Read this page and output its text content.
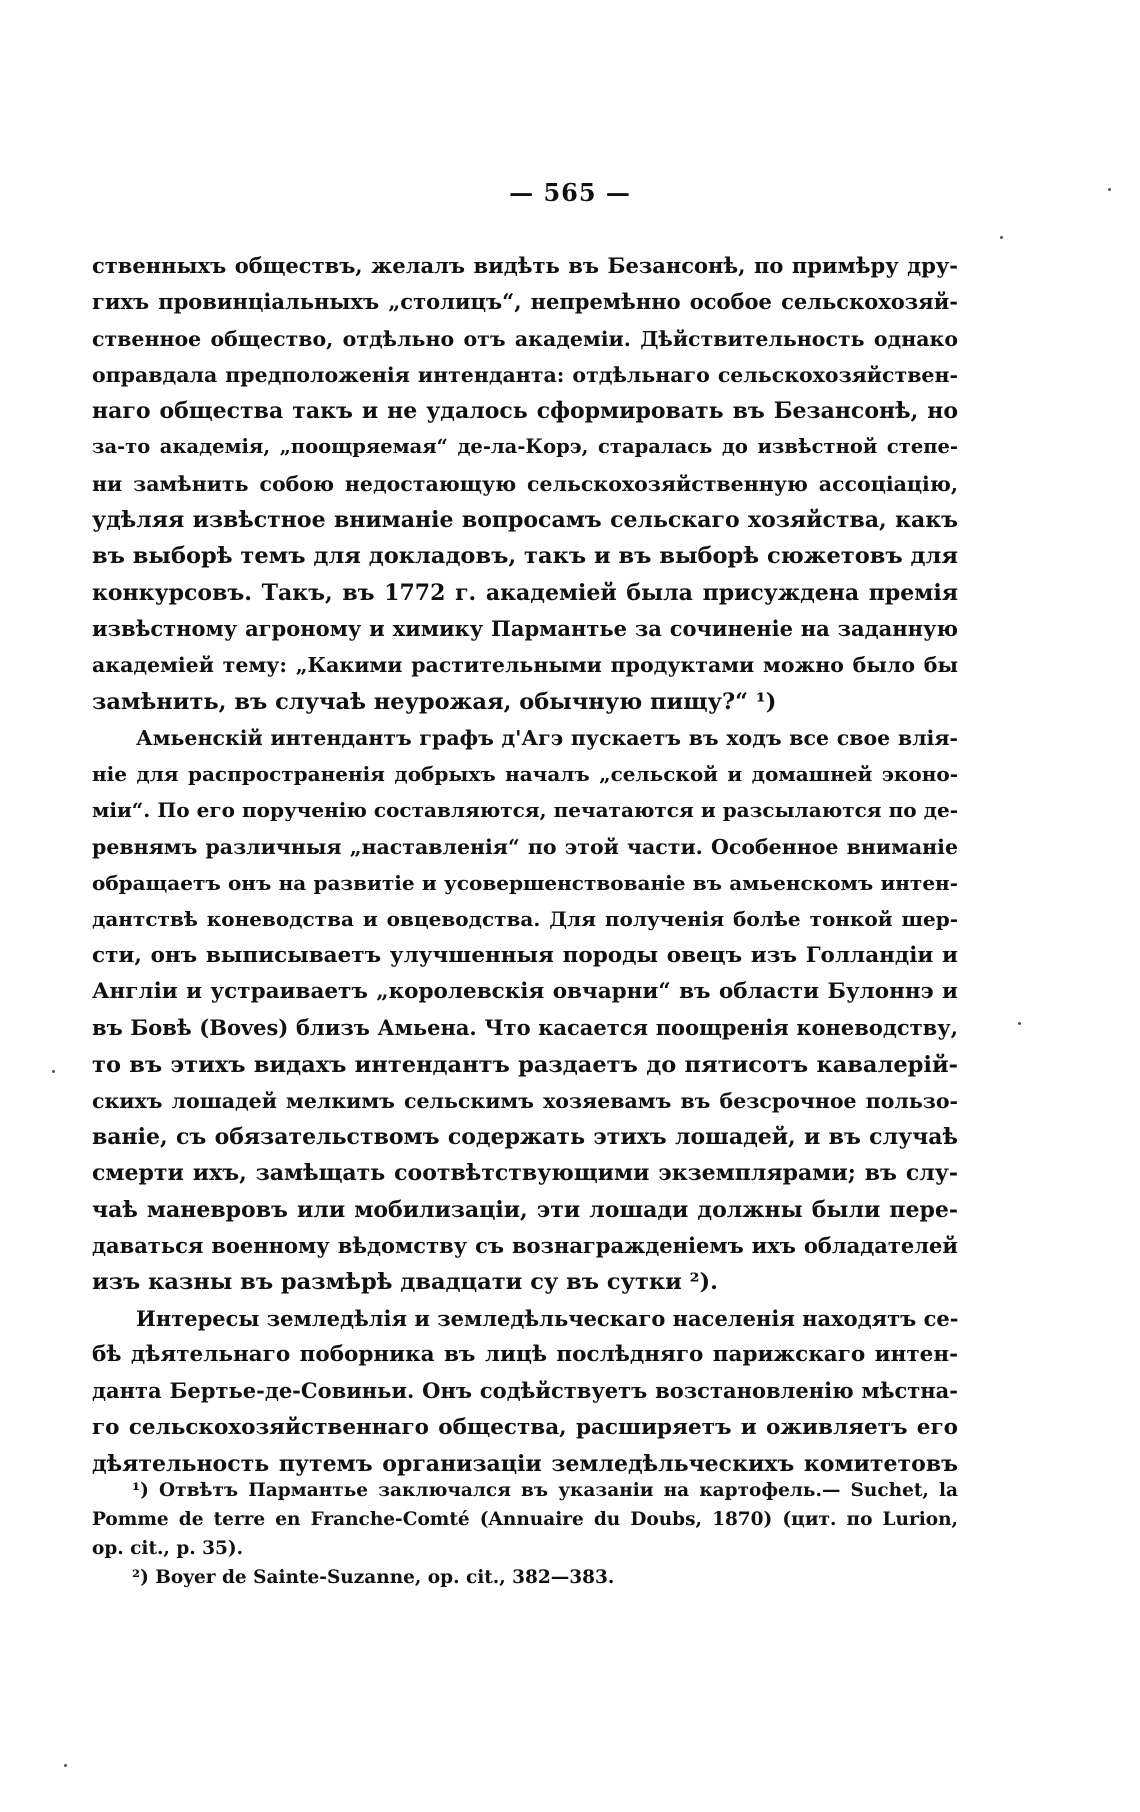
— 565 —
ственныхъ обществъ, желалъ видѣть въ Безансонѣ, по примѣру дру-
гихъ провинціальныхъ „столицъ“, непремѣнно особое сельскохозяй-
ственное общество, отдѣльно отъ академіи. Дѣйствительность однако
оправдала предположенія интенданта: отдѣльнаго сельскохозяйствен-
наго общества такъ и не удалось сформировать въ Безансонѣ, но
за-то академія, „поощряемая“ де-ла-Корэ, старалась до извѣстной степе-
ни замѣнить собою недостающую сельскохозяйственную ассоціацію,
удѣляя извѣстное вниманіе вопросамъ сельскаго хозяйства, какъ
въ выборѣ темъ для докладовъ, такъ и въ выборѣ сюжетовъ для
конкурсовъ. Такъ, въ 1772 г. академіей была присуждена премія
извѣстному агроному и химику Пармантье за сочиненіе на заданную
академіей тему: „Какими растительными продуктами можно было бы
замѣнить, въ случаѣ неурожая, обычную пищу?“ ¹)
Амьенскій интендантъ графъ д'Агэ пускаетъ въ ходъ все свое влія-
ніе для распространенія добрыхъ началъ „сельской и домашней эконо-
міи“. По его порученію составляются, печатаются и разсылаются по де-
ревнямъ различныя „наставленія“ по этой части. Особенное вниманіе
обращаетъ онъ на развитіе и усовершенствованіе въ амьенскомъ интен-
дантствѣ коневодства и овцеводства. Для полученія болѣе тонкой шер-
сти, онъ выписываетъ улучшенныя породы овецъ изъ Голландіи и
Англіи и устраиваетъ „королевскія овчарни“ въ области Булоннэ и
въ Бовѣ (Boves) близъ Амьена. Что касается поощренія коневодству,
то въ этихъ видахъ интендантъ раздаетъ до пятисотъ кавалерій-
скихъ лошадей мелкимъ сельскимъ хозяевамъ въ безсрочное пользо-
ваніе, съ обязательствомъ содержать этихъ лошадей, и въ случаѣ
смерти ихъ, замѣщать соотвѣтствующими экземплярами; въ слу-
чаѣ маневровъ или мобилизаціи, эти лошади должны были пере-
даваться военному вѣдомству съ вознагражденіемъ ихъ обладателей
изъ казны въ размѣрѣ двадцати су въ сутки ²).
Интересы земледѣлія и земледѣльческаго населенія находятъ се-
бѣ дѣятельнаго поборника въ лицѣ послѣдняго парижскаго интен-
данта Бертье-де-Совиньи. Онъ содѣйствуетъ возстановленію мѣстна-
го сельскохозяйственнаго общества, расширяетъ и оживляетъ его
дѣятельность путемъ организаціи земледѣльческихъ комитетовъ
¹) Отвѣтъ Пармантье заключался въ указаніи на картофель.— Suchet, la
Pomme de terre en Franche-Comté (Annuaire du Doubs, 1870) (цит. по Lurion,
op. cit., p. 35).
²) Boyer de Sainte-Suzanne, op. cit., 382—383.
